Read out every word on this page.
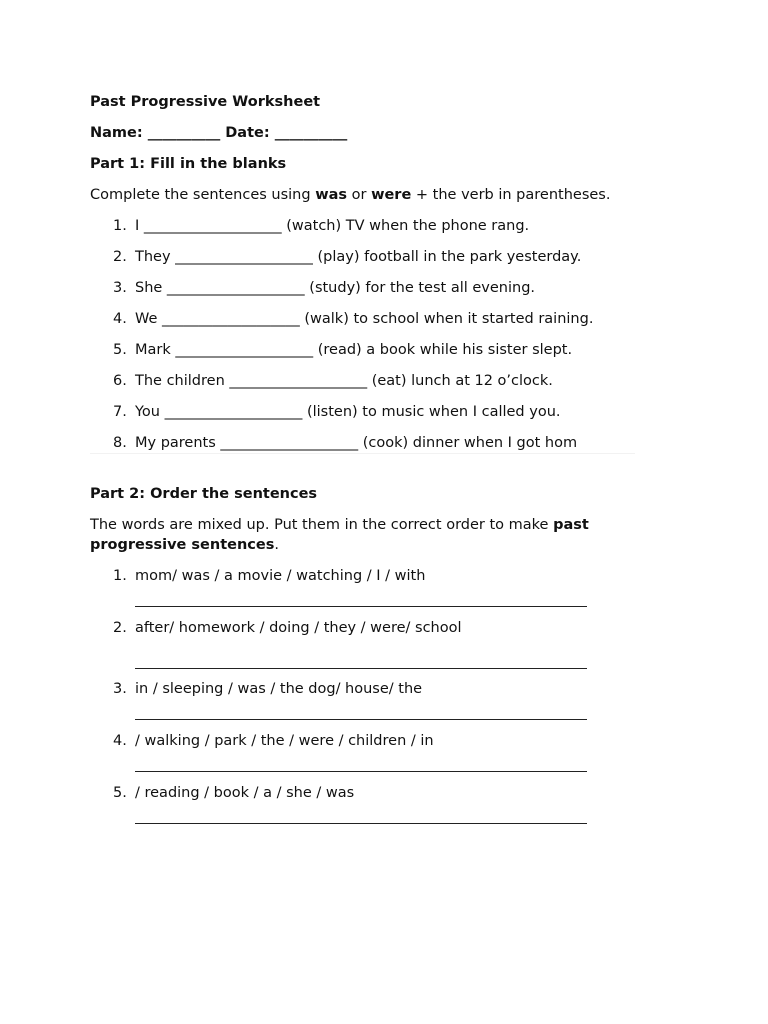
Past Progressive Worksheet

Name: __________ Date: __________

Part 1: Fill in the blanks

Complete the sentences using was or were + the verb in parentheses.

1. I ___________________ (watch) TV when the phone rang.
2. They ___________________ (play) football in the park yesterday.
3. She ___________________ (study) for the test all evening.
4. We ___________________ (walk) to school when it started raining.
5. Mark ___________________ (read) a book while his sister slept.
6. The children ___________________ (eat) lunch at 12 o’clock.
7. You ___________________ (listen) to music when I called you.
8. My parents ___________________ (cook) dinner when I got hom

Part 2: Order the sentences

The words are mixed up. Put them in the correct order to make past progressive sentences.

1. mom/ was / a movie / watching / I / with
2. after/ homework / doing / they / were/ school
3. in / sleeping / was / the dog/ house/ the
4. / walking / park / the / were / children / in
5. / reading / book / a / she / was
